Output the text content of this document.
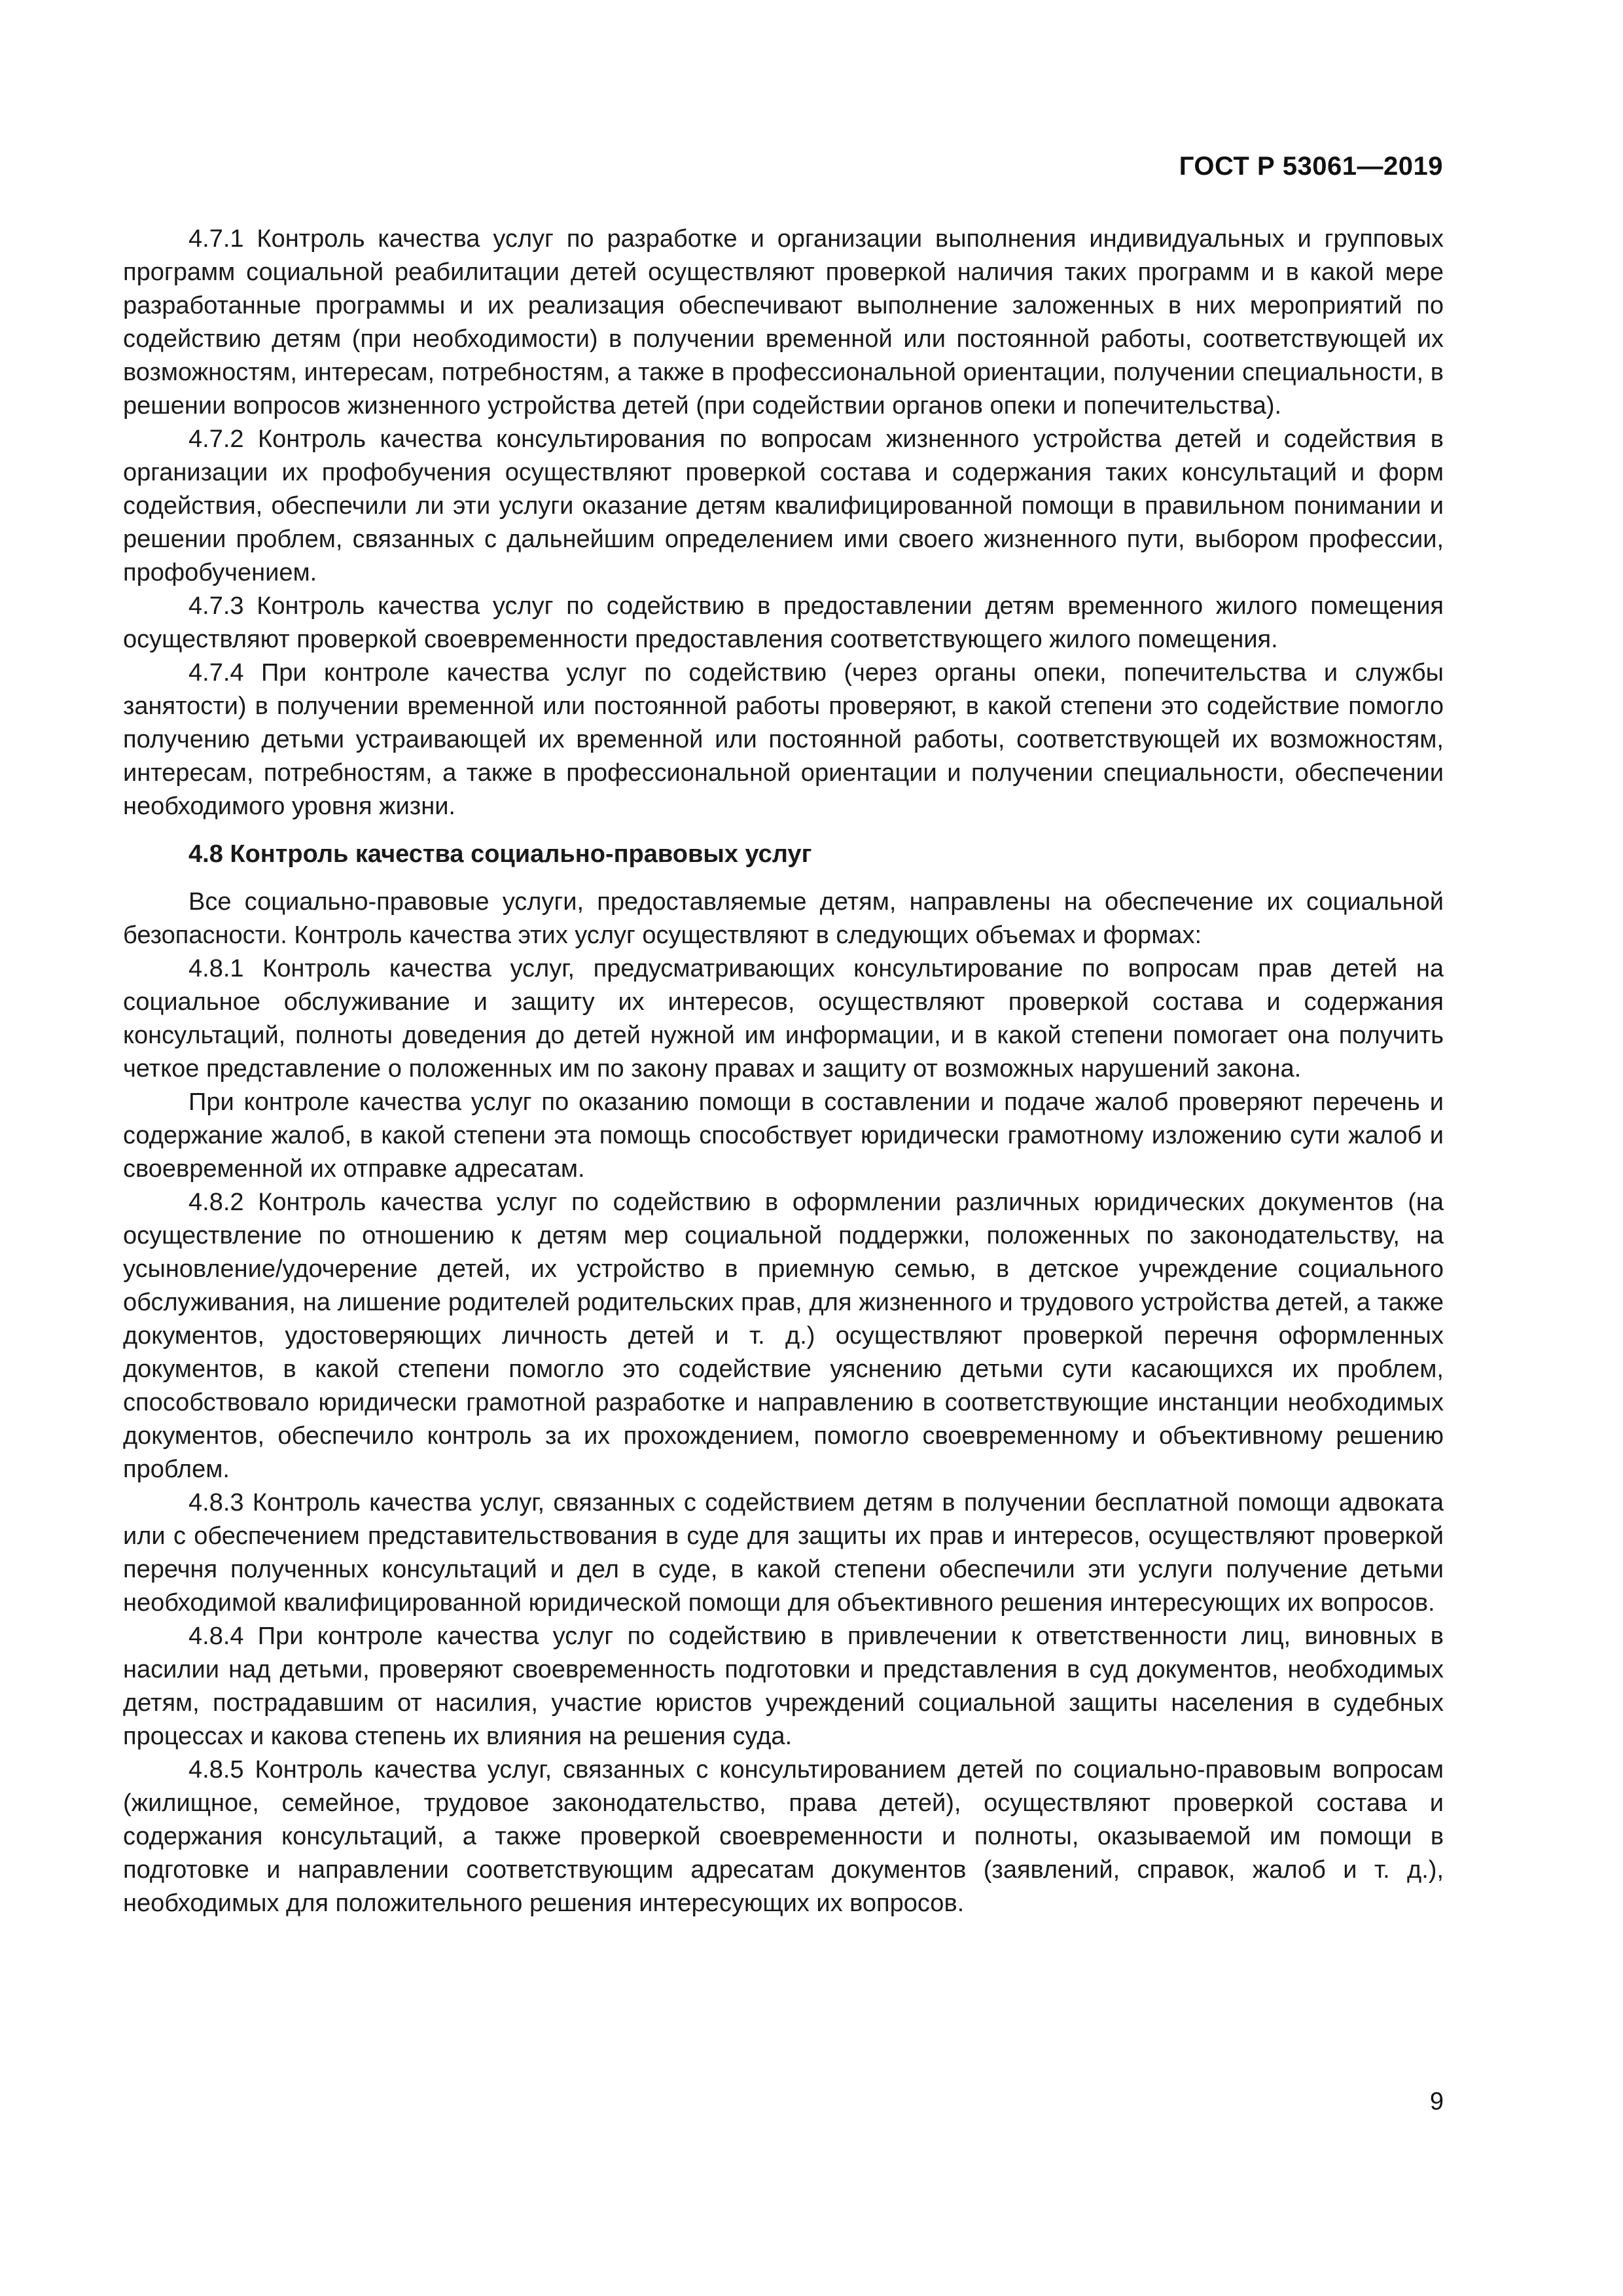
ГОСТ Р 53061—2019

4.7.1 Контроль качества услуг по разработке и организации выполнения индивидуальных и групповых программ социальной реабилитации детей осуществляют проверкой наличия таких программ и в какой мере разработанные программы и их реализация обеспечивают выполнение заложенных в них мероприятий по содействию детям (при необходимости) в получении временной или постоянной работы, соответствующей их возможностям, интересам, потребностям, а также в профессиональной ориентации, получении специальности, в решении вопросов жизненного устройства детей (при содействии органов опеки и попечительства).

4.7.2 Контроль качества консультирования по вопросам жизненного устройства детей и содействия в организации их профобучения осуществляют проверкой состава и содержания таких консультаций и форм содействия, обеспечили ли эти услуги оказание детям квалифицированной помощи в правильном понимании и решении проблем, связанных с дальнейшим определением ими своего жизненного пути, выбором профессии, профобучением.

4.7.3 Контроль качества услуг по содействию в предоставлении детям временного жилого помещения осуществляют проверкой своевременности предоставления соответствующего жилого помещения.

4.7.4 При контроле качества услуг по содействию (через органы опеки, попечительства и службы занятости) в получении временной или постоянной работы проверяют, в какой степени это содействие помогло получению детьми устраивающей их временной или постоянной работы, соответствующей их возможностям, интересам, потребностям, а также в профессиональной ориентации и получении специальности, обеспечении необходимого уровня жизни.

4.8 Контроль качества социально-правовых услуг

Все социально-правовые услуги, предоставляемые детям, направлены на обеспечение их социальной безопасности. Контроль качества этих услуг осуществляют в следующих объемах и формах:

4.8.1 Контроль качества услуг, предусматривающих консультирование по вопросам прав детей на социальное обслуживание и защиту их интересов, осуществляют проверкой состава и содержания консультаций, полноты доведения до детей нужной им информации, и в какой степени помогает она получить четкое представление о положенных им по закону правах и защиту от возможных нарушений закона.

При контроле качества услуг по оказанию помощи в составлении и подаче жалоб проверяют перечень и содержание жалоб, в какой степени эта помощь способствует юридически грамотному изложению сути жалоб и своевременной их отправке адресатам.

4.8.2 Контроль качества услуг по содействию в оформлении различных юридических документов (на осуществление по отношению к детям мер социальной поддержки, положенных по законодательству, на усыновление/удочерение детей, их устройство в приемную семью, в детское учреждение социального обслуживания, на лишение родителей родительских прав, для жизненного и трудового устройства детей, а также документов, удостоверяющих личность детей и т. д.) осуществляют проверкой перечня оформленных документов, в какой степени помогло это содействие уяснению детьми сути касающихся их проблем, способствовало юридически грамотной разработке и направлению в соответствующие инстанции необходимых документов, обеспечило контроль за их прохождением, помогло своевременному и объективному решению проблем.

4.8.3 Контроль качества услуг, связанных с содействием детям в получении бесплатной помощи адвоката или с обеспечением представительствования в суде для защиты их прав и интересов, осуществляют проверкой перечня полученных консультаций и дел в суде, в какой степени обеспечили эти услуги получение детьми необходимой квалифицированной юридической помощи для объективного решения интересующих их вопросов.

4.8.4 При контроле качества услуг по содействию в привлечении к ответственности лиц, виновных в насилии над детьми, проверяют своевременность подготовки и представления в суд документов, необходимых детям, пострадавшим от насилия, участие юристов учреждений социальной защиты населения в судебных процессах и какова степень их влияния на решения суда.

4.8.5 Контроль качества услуг, связанных с консультированием детей по социально-правовым вопросам (жилищное, семейное, трудовое законодательство, права детей), осуществляют проверкой состава и содержания консультаций, а также проверкой своевременности и полноты, оказываемой им помощи в подготовке и направлении соответствующим адресатам документов (заявлений, справок, жалоб и т. д.), необходимых для положительного решения интересующих их вопросов.

9
